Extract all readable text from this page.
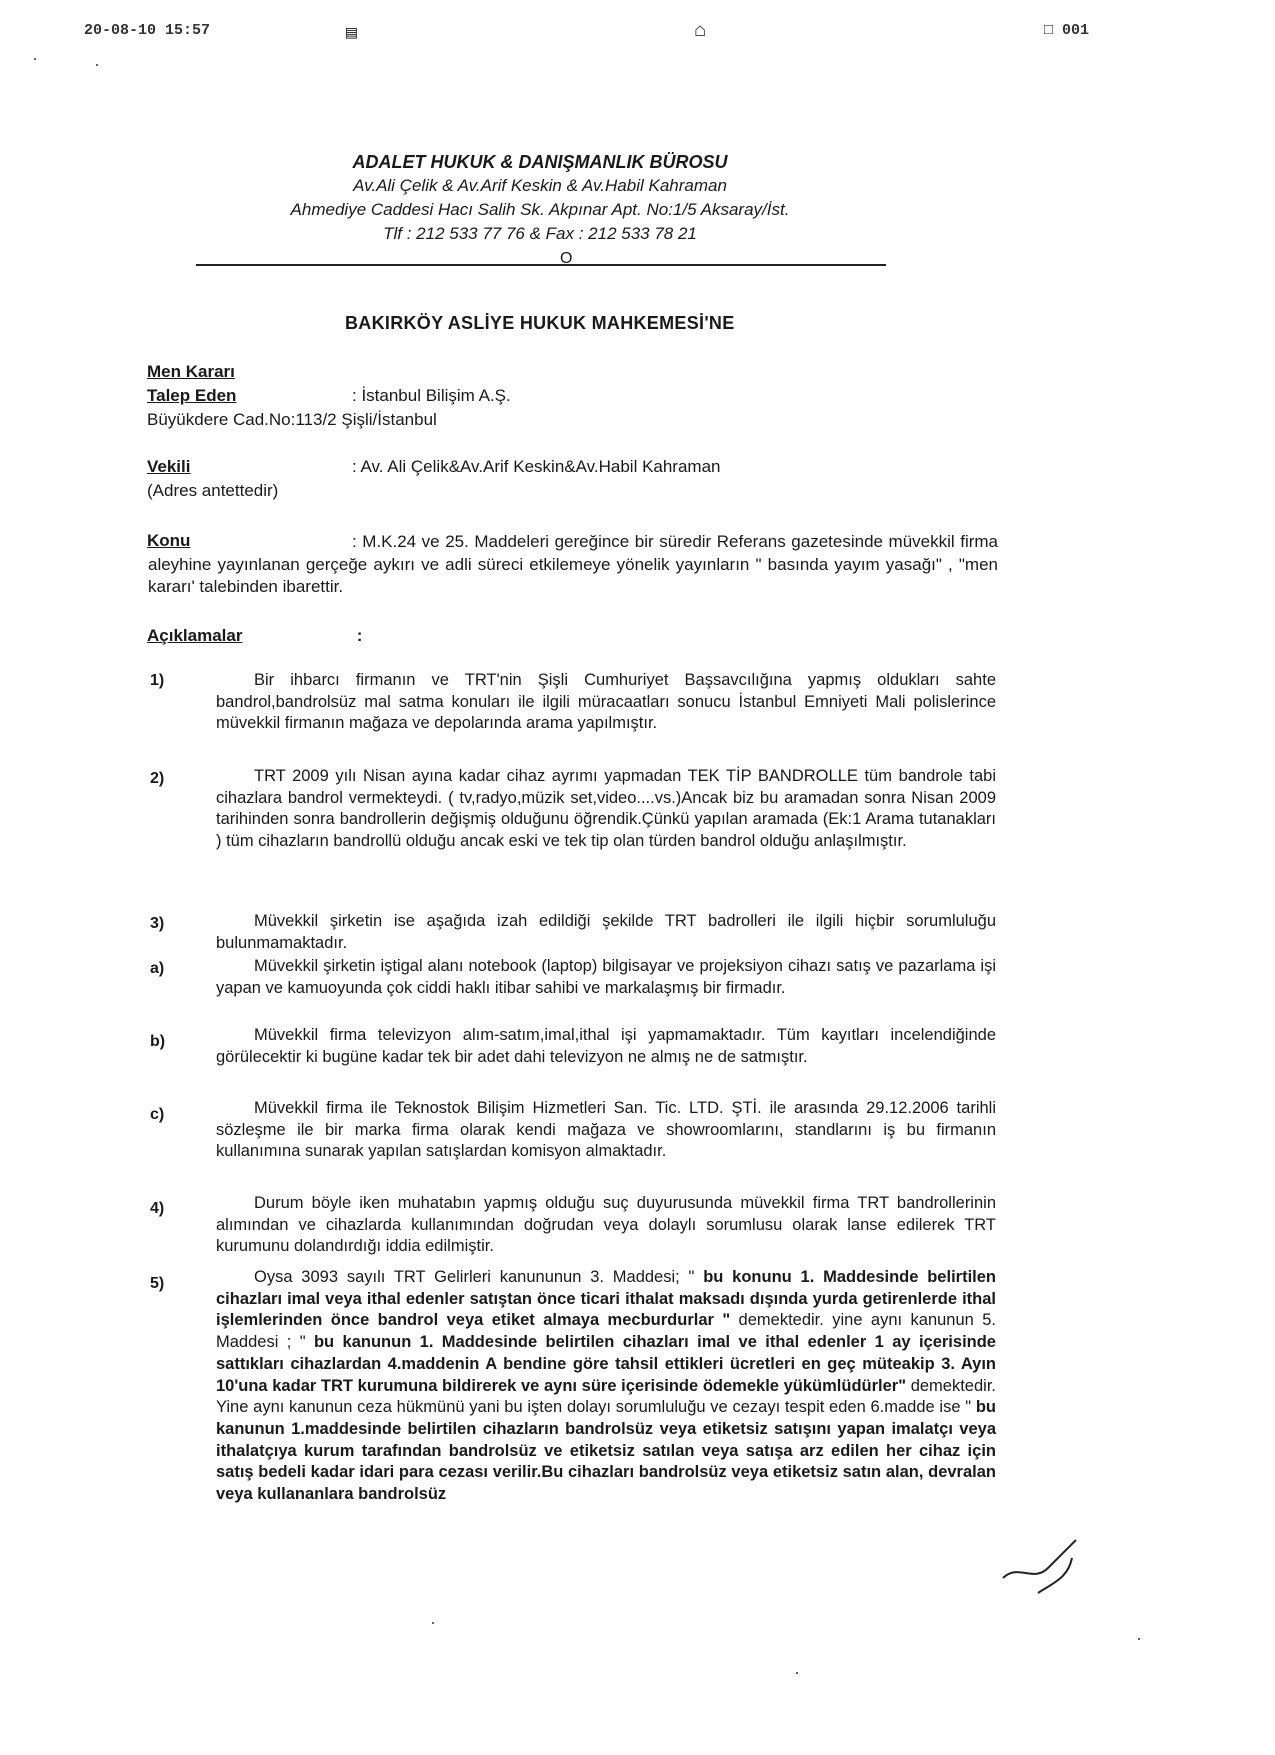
20-08-10 15:57	▤	⌂	□ 001
ADALET HUKUK & DANIŞMANLIK BÜROSU
Av.Ali Çelik & Av.Arif Keskin & Av.Habil Kahraman
Ahmediye Caddesi Hacı Salih Sk. Akpınar Apt. No:1/5 Aksaray/İst.
Tlf : 212 533 77 76 & Fax : 212 533 78 21
O
BAKIRKÖY ASLİYE HUKUK MAHKEMESİ'NE
Men Kararı
Talep Eden	: İstanbul Bilişim A.Ş.
Büyükdere Cad.No:113/2 Şişli/İstanbul
Vekili	: Av. Ali Çelik&Av.Arif Keskin&Av.Habil Kahraman
(Adres antettedir)
Konu	: M.K.24 ve 25. Maddeleri gereğince bir süredir Referans gazetesinde müvekkil firma aleyhine yayınlanan gerçeğe aykırı ve adli süreci etkilemeye yönelik yayınların " basında yayım yasağı" , "men kararı' talebinden ibarettir.
Açıklamalar	:
1)	Bir ihbarcı firmanın ve TRT'nin Şişli Cumhuriyet Başsavcılığına yapmış oldukları sahte bandrol,bandrolsüz mal satma konuları ile ilgili müracaatları sonucu İstanbul Emniyeti Mali polislerince müvekkil firmanın mağaza ve depolarında arama yapılmıştır.
2)	TRT 2009 yılı Nisan ayına kadar cihaz ayrımı yapmadan TEK TİP BANDROLLE tüm bandrole tabi cihazlara bandrol vermekteydi. ( tv,radyo,müzik set,video....vs.)Ancak biz bu aramadan sonra Nisan 2009 tarihinden sonra bandrollerin değişmiş olduğunu öğrendik.Çünkü yapılan aramada (Ek:1 Arama tutanakları ) tüm cihazların bandrollü olduğu ancak eski ve tek tip olan türden bandrol olduğu anlaşılmıştır.
3)	Müvekkil şirketin ise aşağıda izah edildiği şekilde TRT badrolleri ile ilgili hiçbir sorumluluğu bulunmamaktadır.
a)	Müvekkil şirketin iştigal alanı notebook (laptop) bilgisayar ve projeksiyon cihazı satış ve pazarlama işi yapan ve kamuoyunda çok ciddi haklı itibar sahibi ve markalaşmış bir firmadır.
b)	Müvekkil firma televizyon alım-satım,imal,ithal işi yapmamaktadır. Tüm kayıtları incelendiğinde görülecektir ki bugüne kadar tek bir adet dahi televizyon ne almış ne de satmıştır.
c)	Müvekkil firma ile Teknostok Bilişim Hizmetleri San. Tic. LTD. ŞTİ. ile arasında 29.12.2006 tarihli sözleşme ile bir marka firma olarak kendi mağaza ve showroomlarını, standlarını iş bu firmanın kullanımına sunarak yapılan satışlardan komisyon almaktadır.
4)	Durum böyle iken muhatabın yapmış olduğu suç duyurusunda müvekkil firma TRT bandrollerinin alımından ve cihazlarda kullanımından doğrudan veya dolaylı sorumlusu olarak lanse edilerek TRT kurumunu dolandırdığı iddia edilmiştir.
5)	Oysa 3093 sayılı TRT Gelirleri kanununun 3. Maddesi; " bu konunu 1. Maddesinde belirtilen cihazları imal veya ithal edenler satıştan önce ticari ithalat maksadı dışında yurda getirenlerde ithal işlemlerinden önce bandrol veya etiket almaya mecburdurlar " demektedir. yine aynı kanunun 5. Maddesi ; " bu kanunun 1. Maddesinde belirtilen cihazları imal ve ithal edenler 1 ay içerisinde sattıkları cihazlardan 4.maddenin A bendine göre tahsil ettikleri ücretleri en geç müteakip 3. Ayın 10'una kadar TRT kurumuna bildirerek ve aynı süre içerisinde ödemekle yükümlüdürler" demektedir. Yine aynı kanunun ceza hükmünü yani bu işten dolayı sorumluluğu ve cezayı tespit eden 6.madde ise " bu kanunun 1.maddesinde belirtilen cihazların bandrolsüz veya etiketsiz satışını yapan imalatçı veya ithalatçıya kurum tarafından bandrolsüz ve etiketsiz satılan veya satışa arz edilen her cihaz için satış bedeli kadar idari para cezası verilir.Bu cihazları bandrolsüz veya etiketsiz satın alan, devralan veya kullananlara bandrolsüz
